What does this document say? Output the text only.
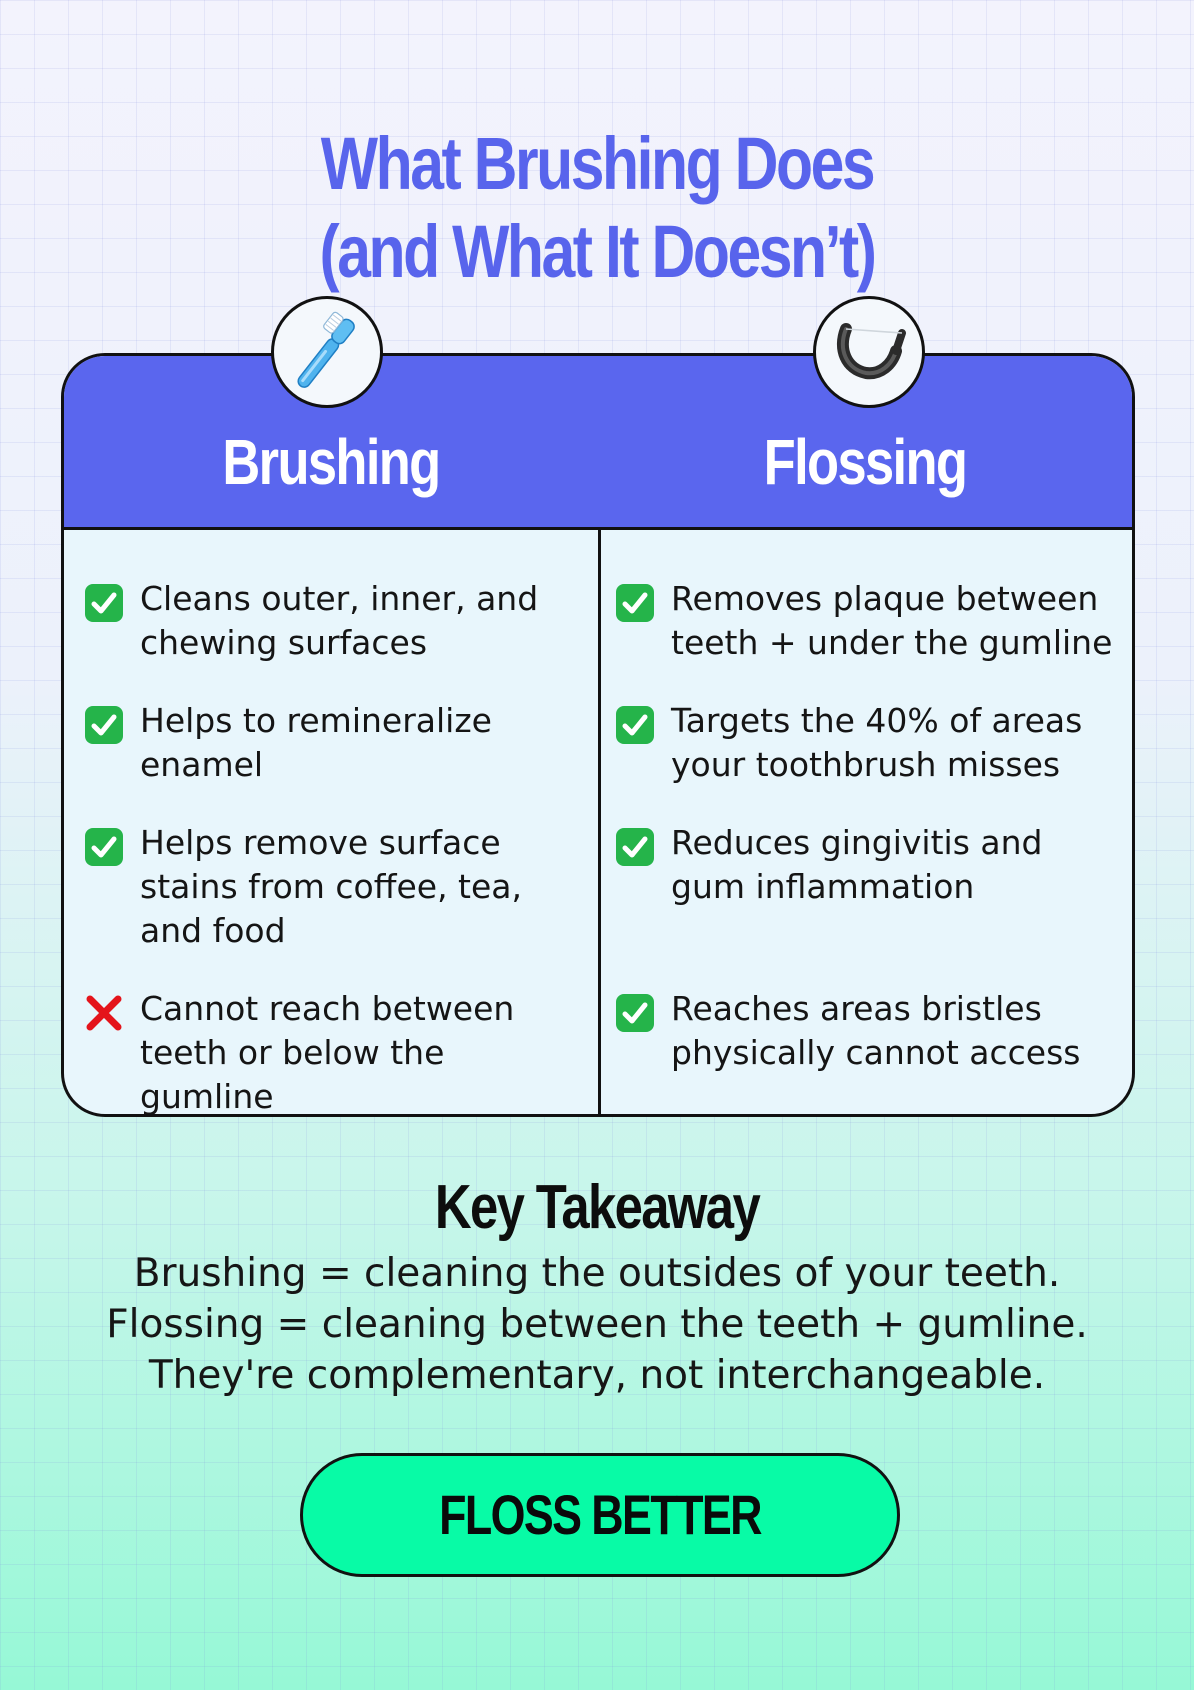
What Brushing Does
(and What It Doesn’t)
Brushing	Flossing
Cleans outer, inner, and
chewing surfaces
Helps to remineralize
enamel
Helps remove surface
stains from coffee, tea,
and food
Cannot reach between
teeth or below the gumline
Removes plaque between
teeth + under the gumline
Targets the 40% of areas
your toothbrush misses
Reduces gingivitis and
gum inflammation
Reaches areas bristles
physically cannot access
Key Takeaway
Brushing = cleaning the outsides of your teeth.
Flossing = cleaning between the teeth + gumline.
They're complementary, not interchangeable.
FLOSS BETTER
